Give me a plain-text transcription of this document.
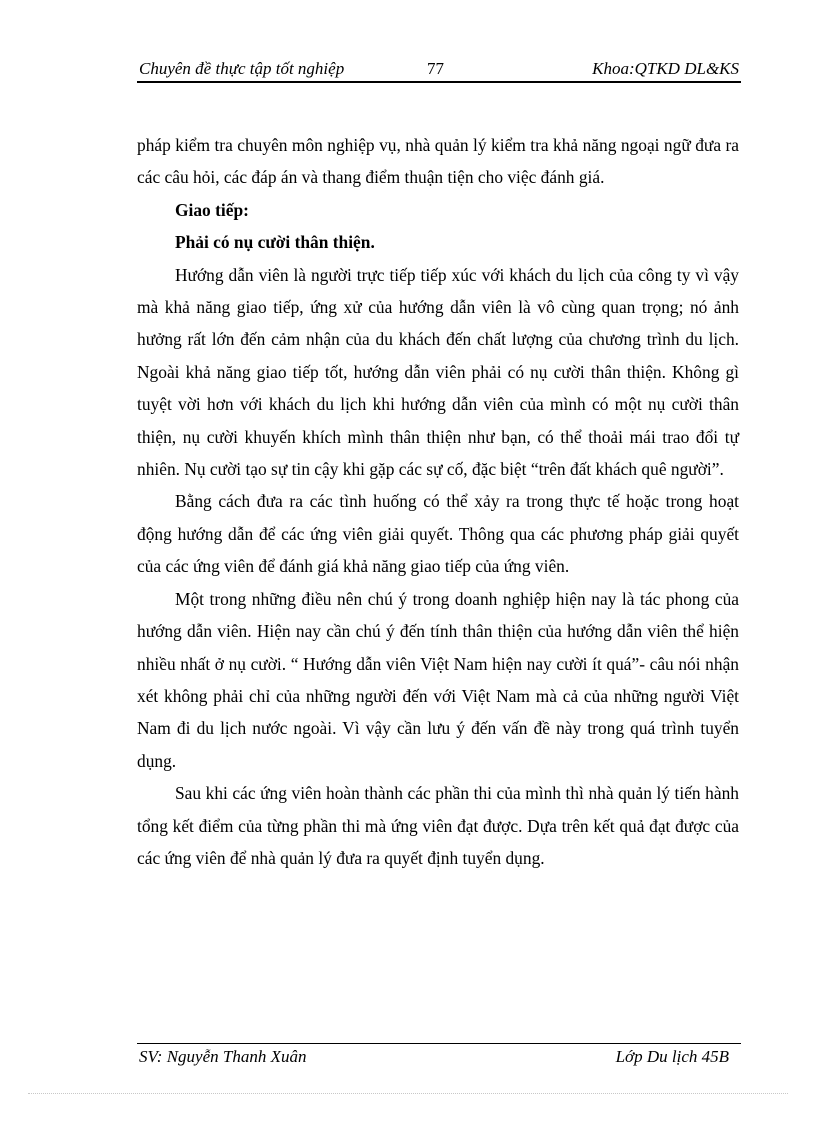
Chuyên đề thực tập tốt nghiệp	77	Khoa:QTKD DL&KS

pháp kiểm tra chuyên môn nghiệp vụ, nhà quản lý kiểm tra khả năng ngoại ngữ đưa ra các câu hỏi, các đáp án và thang điểm thuận tiện cho việc đánh giá.

Giao tiếp:

Phải có nụ cười thân thiện.

Hướng dẫn viên là người trực tiếp tiếp xúc với khách du lịch của công ty vì vậy mà khả năng giao tiếp, ứng xử của hướng dẫn viên là vô cùng quan trọng; nó ảnh hưởng rất lớn đến cảm nhận của du khách đến chất lượng của chương trình du lịch. Ngoài khả năng giao tiếp tốt, hướng dẫn viên phải có nụ cười thân thiện. Không gì tuyệt vời hơn với khách du lịch khi hướng dẫn viên của mình có một nụ cười thân thiện, nụ cười khuyến khích mình thân thiện như bạn, có thể thoải mái trao đổi tự nhiên. Nụ cười tạo sự tin cậy khi gặp các sự cố, đặc biệt “trên đất khách quê người”.

Bằng cách đưa ra các tình huống có thể xảy ra trong thực tế hoặc trong hoạt động hướng dẫn để các ứng viên giải quyết. Thông qua các phương pháp giải quyết của các ứng viên để đánh giá khả năng giao tiếp của ứng viên.

Một trong những điều nên chú ý trong doanh nghiệp hiện nay là tác phong của hướng dẫn viên. Hiện nay cần chú ý đến tính thân thiện của hướng dẫn viên thể hiện nhiều nhất ở nụ cười. “ Hướng dẫn viên Việt Nam hiện nay cười ít quá”- câu nói nhận xét không phải chỉ của những người đến với Việt Nam mà cả của những người Việt Nam đi du lịch nước ngoài. Vì vậy cần lưu ý đến vấn đề này trong quá trình tuyển dụng.

Sau khi các ứng viên hoàn thành các phần thi của mình thì nhà quản lý tiến hành tổng kết điểm của từng phần thi mà ứng viên đạt được. Dựa trên kết quả đạt được của các ứng viên để nhà quản lý đưa ra quyết định tuyển dụng.

SV: Nguyễn Thanh Xuân	Lớp Du lịch 45B
